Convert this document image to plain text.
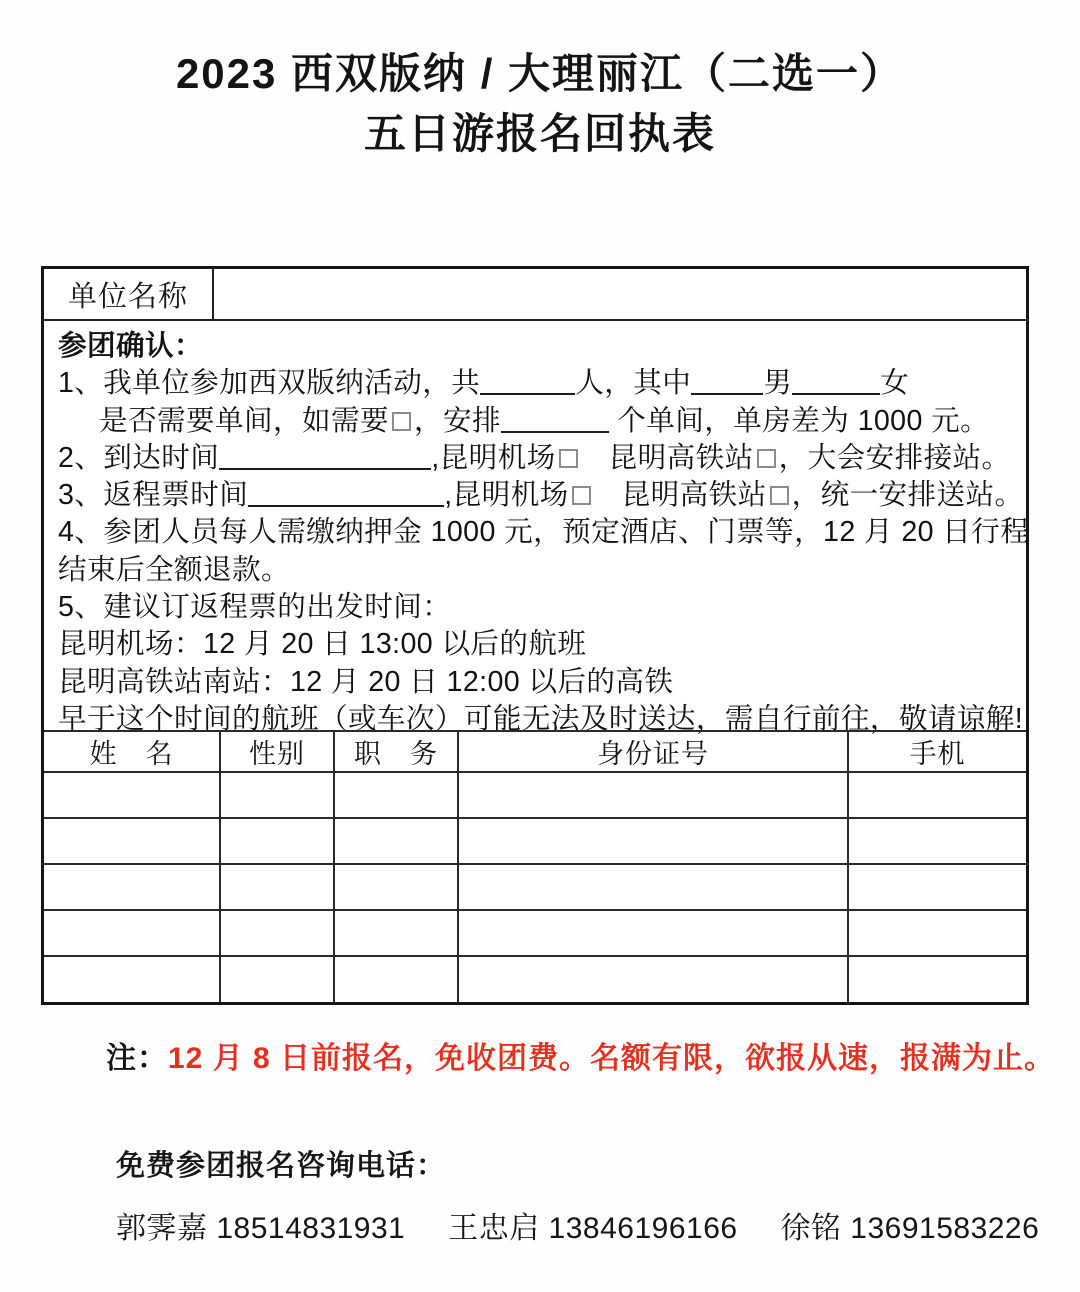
2023 西双版纳 / 大理丽江（二选一）
五日游报名回执表
单位名称
参团确认：
1、我单位参加西双版纳活动，共	人，其中	男	女
是否需要单间，如需要 ，安排	个单间，单房差为 1000 元。
2、到达时间	,昆明机场 昆明高铁站 ，大会安排接站。
3、返程票时间	,昆明机场 昆明高铁站 ，统一安排送站。
4、参团人员每人需缴纳押金 1000 元，预定酒店、门票等，12 月 20 日行程
结束后全额退款。
5、建议订返程票的出发时间：
昆明机场：12 月 20 日 13:00 以后的航班
昆明高铁站南站：12 月 20 日 12:00 以后的高铁
早于这个时间的航班（或车次）可能无法及时送达，需自行前往，敬请谅解!
姓　名	性别	职　务	身份证号	手机

注：12 月 8 日前报名，免收团费。名额有限，欲报从速，报满为止。
免费参团报名咨询电话：
郭霁嘉 18514831931 王忠启 13846196166 徐铭 13691583226
